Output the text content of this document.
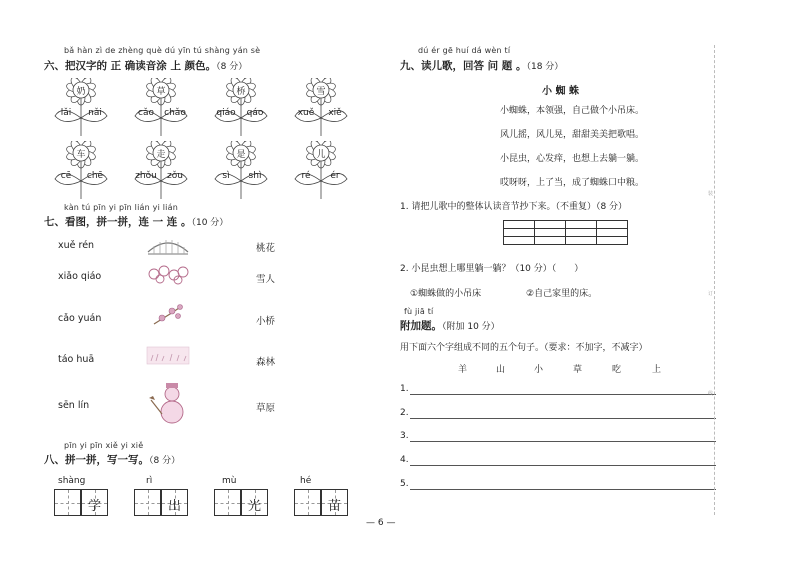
bǎ hàn zì de zhèng què dú yīn tú shàng yán sè
六、把汉字的 正 确读音涂 上 颜色。（8 分）
奶
lǎi	nǎi
草
cǎo	chǎo
桥
qiáo	qáo
雪
xuě	xiě
车
cē	chē
走
zhǒu	zǒu
是
sì	shì
儿
ré	ér
kàn tú pīn yi pīn lián yi lián
七、看图，拼一拼，连 一 连 。（10 分）
xuě rén
xiǎo qiáo
cǎo yuán
táo huā
sēn lín
桃花
雪人
小桥
森林
草原
pīn yi pīn xiě yi xiě
八、拼一拼，写一写。（8 分）
shàng	rì	mù	hé
学	出	光	苗
dú ér gē huí dá wèn tí
九、读儿歌，回答 问 题 。（18 分）
小 蜘 蛛
小蜘蛛，本领强，自己做个小吊床。
风儿摇，风儿晃，甜甜美美把歌唱。
小昆虫，心发痒，也想上去躺一躺。
哎呀呀，上了当，成了蜘蛛口中粮。
1. 请把儿歌中的整体认读音节抄下来。（不重复）（8 分）

2. 小昆虫想上哪里躺一躺？（10 分）（　　）
①蜘蛛做的小吊床	②自己家里的床。
fù jiā tí
附加题。（附加 10 分）
用下面六个字组成不同的五个句子。（要求：不加字，不减字）
羊	山	小	草	吃	上
1.
2.
3.
4.
5.
— 6 —
装
订
线
